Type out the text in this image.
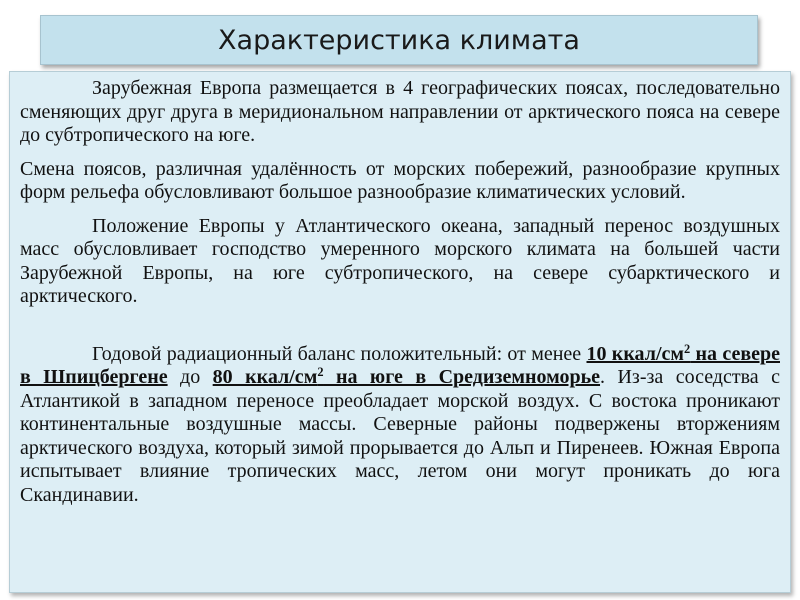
Характеристика климата

Зарубежная Европа размещается в 4 географических поясах, последовательно сменяющих друг друга в меридиональном направлении от арктического пояса на севере до субтропического на юге.

Смена поясов, различная удалённость от морских побережий, разнообразие крупных форм рельефа обусловливают большое разнообразие климатических условий.

Положение Европы у Атлантического океана, западный перенос воздушных масс обусловливает господство умеренного морского климата на большей части Зарубежной Европы, на юге субтропического, на севере субарктического и арктического.

Годовой радиационный баланс положительный: от менее 10 ккал/$см^2$ на севере в Шпицбергене до 80 ккал/$см^2$ на юге в Средиземноморье. Из-за соседства с Атлантикой в западном переносе преобладает морской воздух. С востока проникают континентальные воздушные массы. Северные районы подвержены вторжениям арктического воздуха, который зимой прорывается до Альп и Пиренеев. Южная Европа испытывает влияние тропических масс, летом они могут проникать до юга Скандинавии.
